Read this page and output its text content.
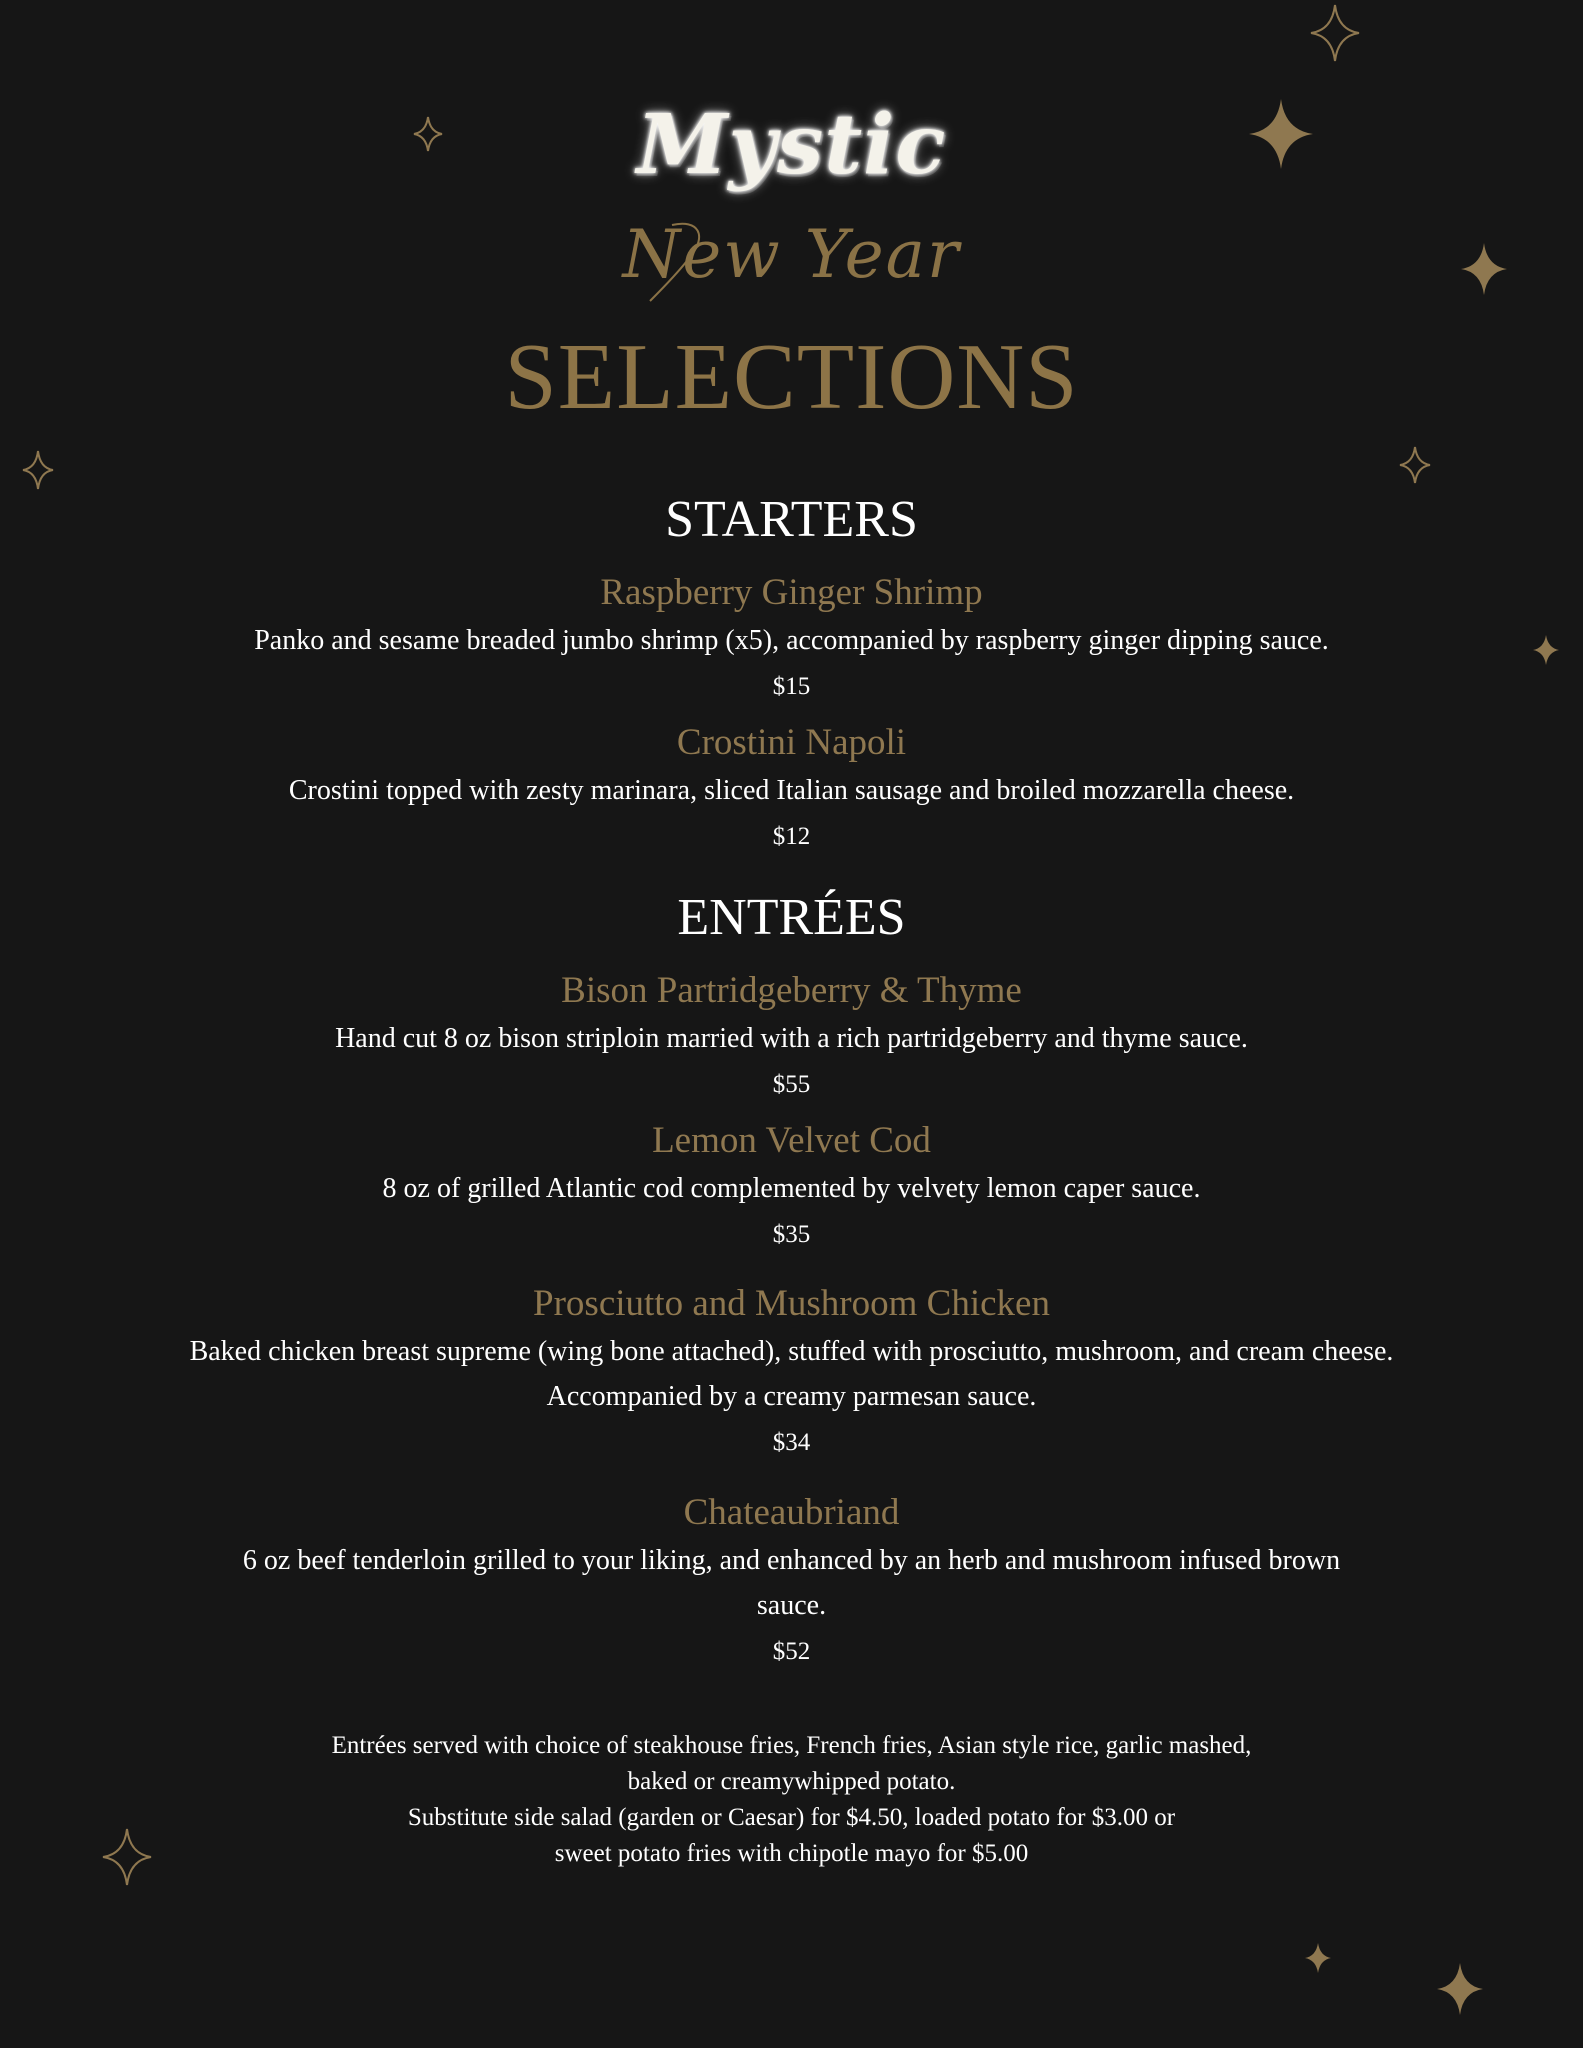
Mystic
New Year
SELECTIONS
STARTERS
Raspberry Ginger Shrimp
Panko and sesame breaded jumbo shrimp (x5), accompanied by raspberry ginger dipping sauce.
$15
Crostini Napoli
Crostini topped with zesty marinara, sliced Italian sausage and broiled mozzarella cheese.
$12
ENTRÉES
Bison Partridgeberry & Thyme
Hand cut 8 oz bison striploin married with a rich partridgeberry and thyme sauce.
$55
Lemon Velvet Cod
8 oz of grilled Atlantic cod complemented by velvety lemon caper sauce.
$35
Prosciutto and Mushroom Chicken
Baked chicken breast supreme (wing bone attached), stuffed with prosciutto, mushroom, and cream cheese. Accompanied by a creamy parmesan sauce.
$34
Chateaubriand
6 oz beef tenderloin grilled to your liking, and enhanced by an herb and mushroom infused brown sauce.
$52
Entrées served with choice of steakhouse fries, French fries, Asian style rice, garlic mashed,
baked or creamywhipped potato.
Substitute side salad (garden or Caesar) for $4.50, loaded potato for $3.00 or
sweet potato fries with chipotle mayo for $5.00
